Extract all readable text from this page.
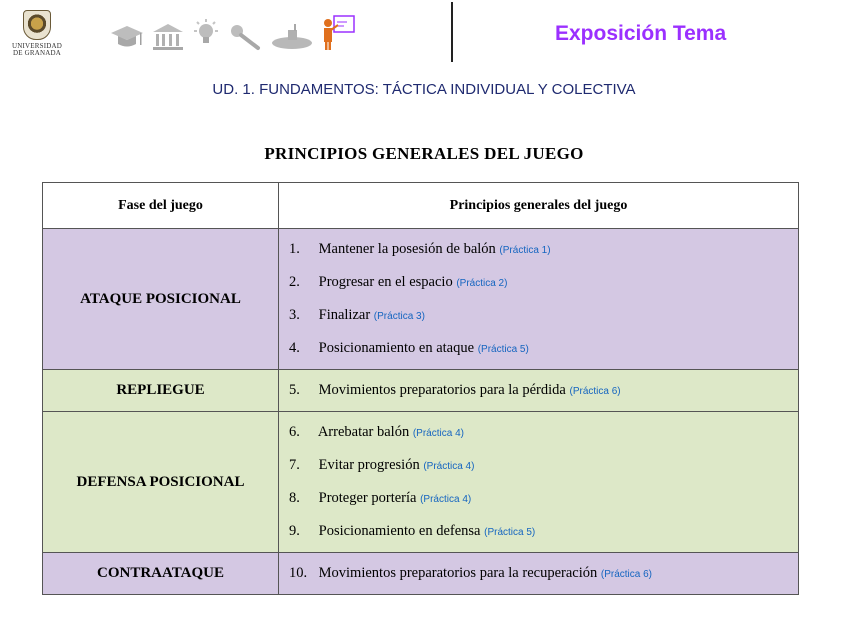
UNIVERSIDAD
DE GRANADA
Exposición Tema
UD. 1. FUNDAMENTOS: TÁCTICA INDIVIDUAL Y COLECTIVA
PRINCIPIOS GENERALES DEL JUEGO
Fase del juego	Principios generales del juego
ATAQUE POSICIONAL	1. Mantener la posesión de balón (Práctica 1)
2. Progresar en el espacio (Práctica 2)
3. Finalizar (Práctica 3)
4. Posicionamiento en ataque (Práctica 5)

REPLIEGUE	5. Movimientos preparatorios para la pérdida (Práctica 6)

DEFENSA POSICIONAL	6. Arrebatar balón (Práctica 4)
7. Evitar progresión (Práctica 4)
8. Proteger portería (Práctica 4)
9. Posicionamiento en defensa (Práctica 5)

CONTRAATAQUE	10. Movimientos preparatorios para la recuperación (Práctica 6)
